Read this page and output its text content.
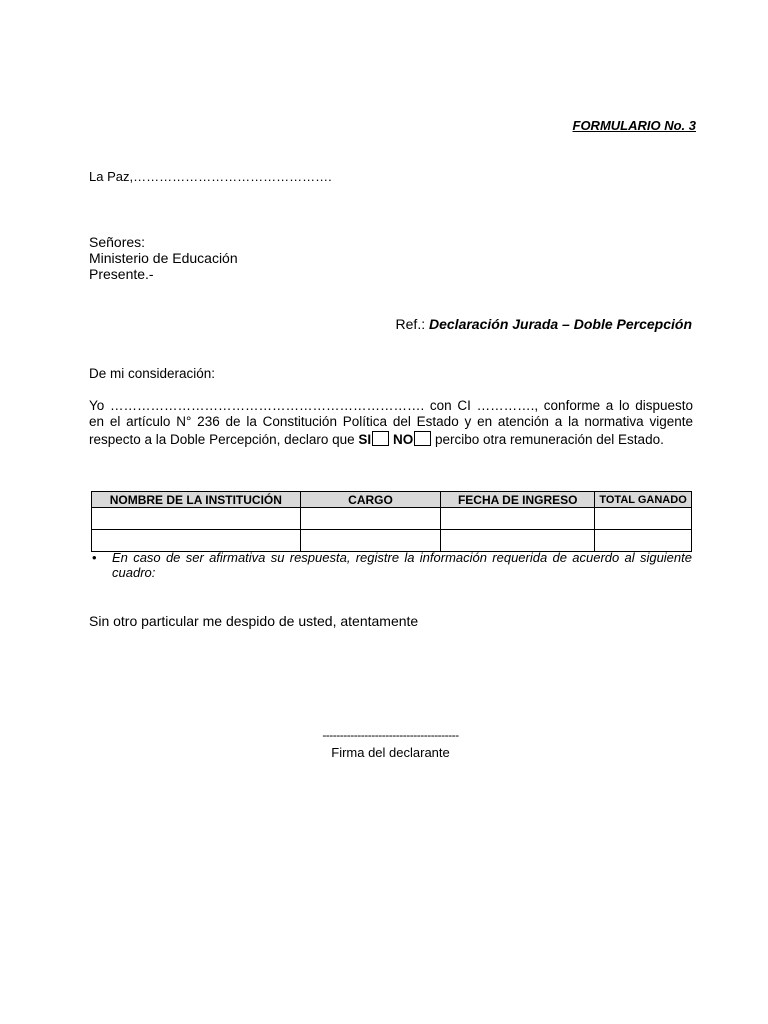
FORMULARIO No. 3
La Paz,……………………………………….
Señores:
Ministerio de Educación
Presente.-
Ref.: Declaración Jurada – Doble Percepción
De mi consideración:
Yo ……………………………………………………………. con CI …………., conforme a lo dispuesto en el artículo N° 236 de la Constitución Política del Estado y en atención a la normativa vigente respecto a la Doble Percepción, declaro que SI NO percibo otra remuneración del Estado.
NOMBRE DE LA INSTITUCIÓN	CARGO	FECHA DE INGRESO	TOTAL GANADO

• En caso de ser afirmativa su respuesta, registre la información requerida de acuerdo al siguiente cuadro:
Sin otro particular me despido de usted, atentamente
---------------------------------------
Firma del declarante
